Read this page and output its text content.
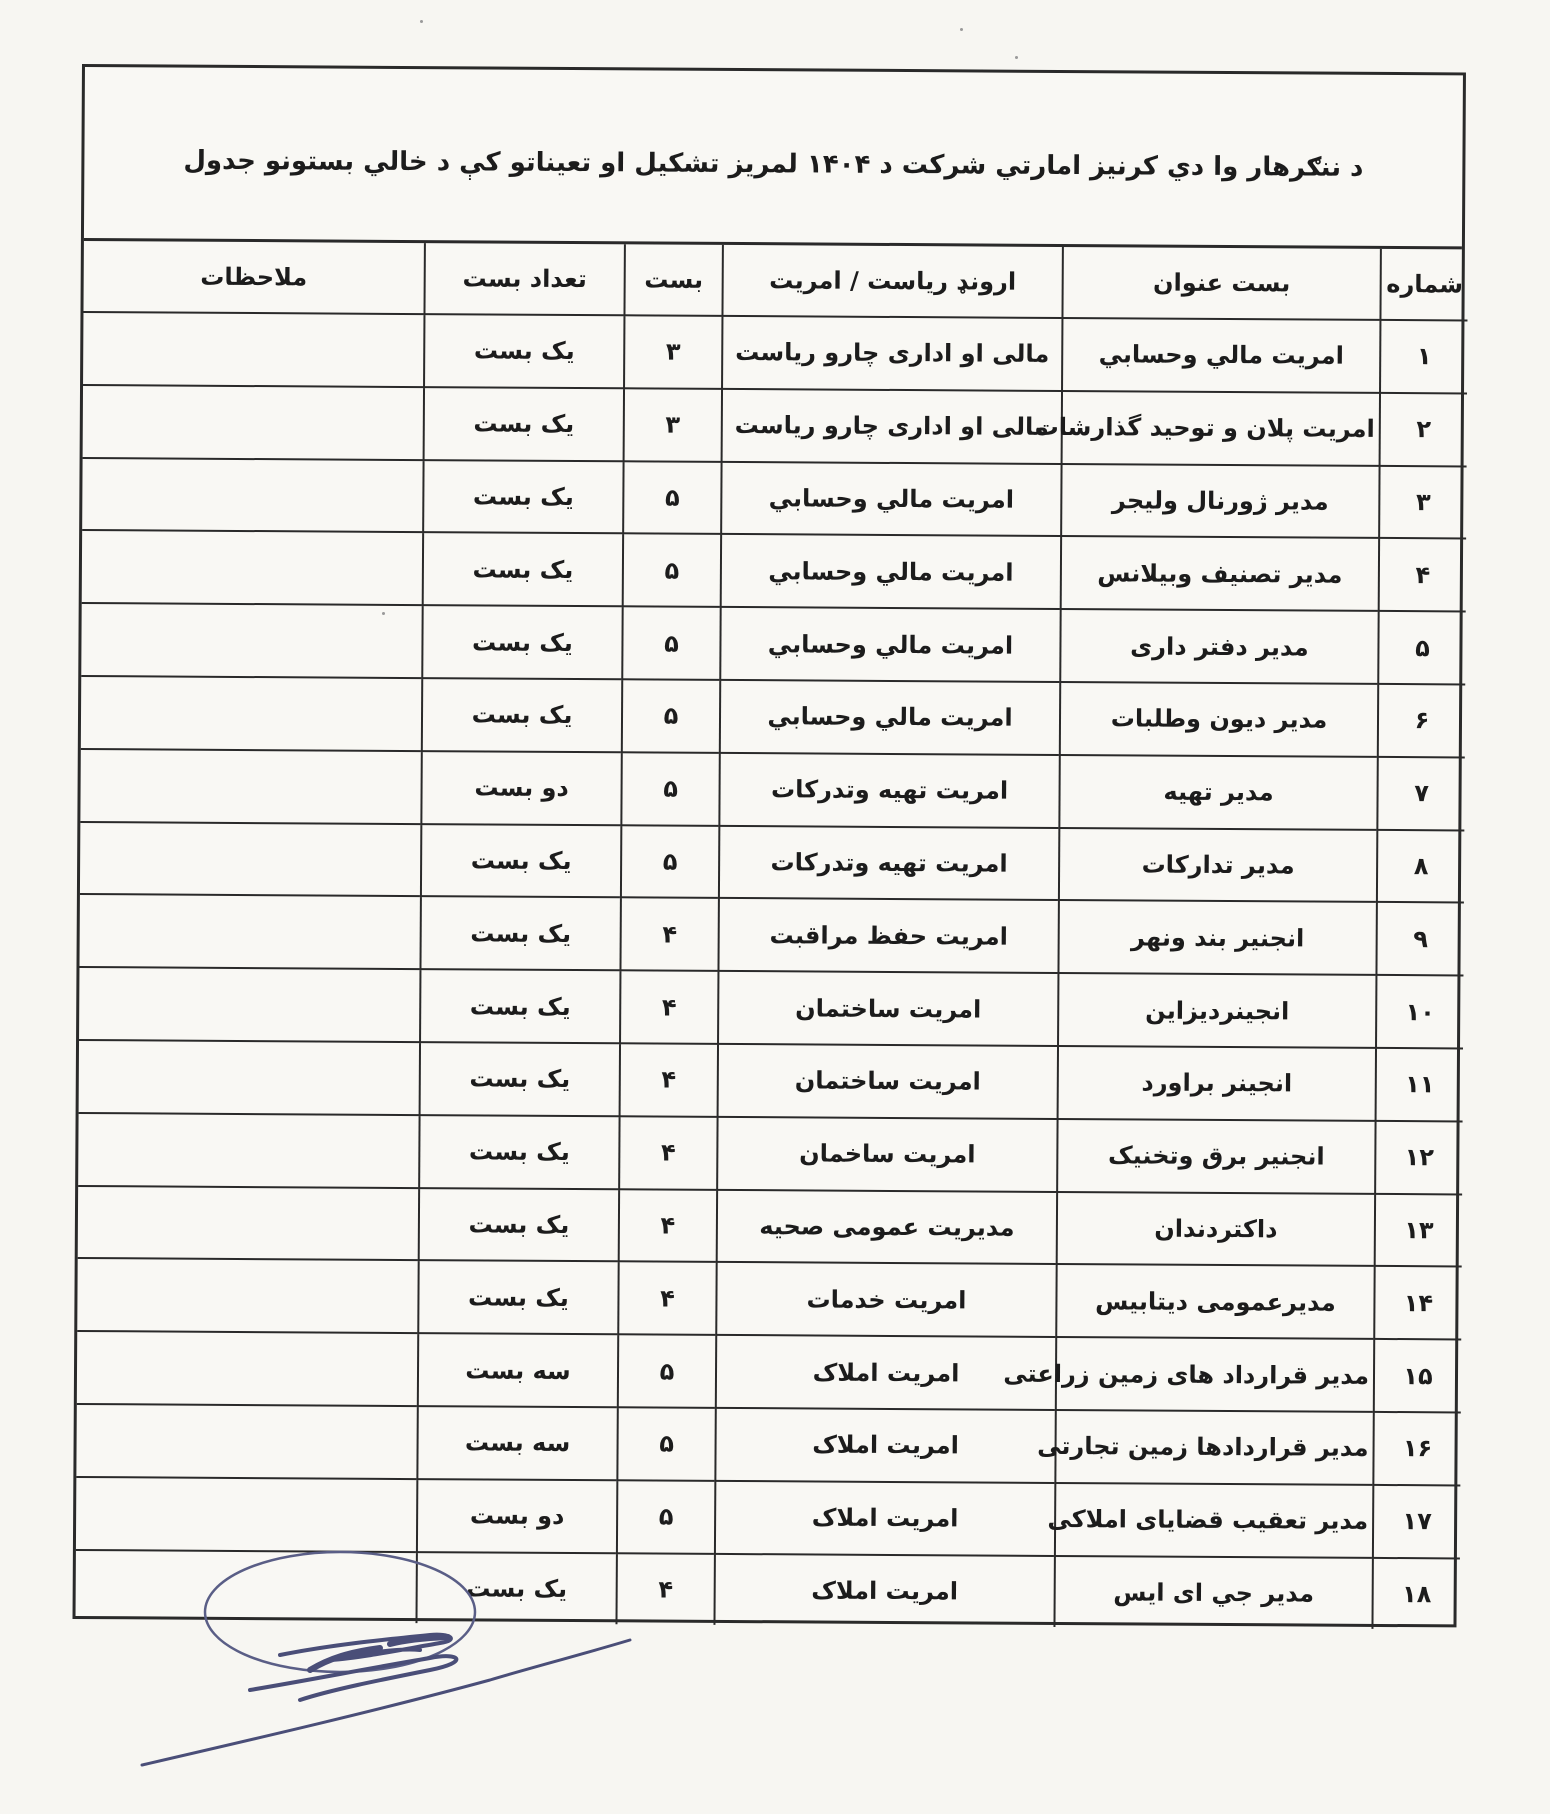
د ننګرهار وا دي کرنیز امارتي شرکت د ۱۴۰۴ لمریز تشکیل او تعیناتو کې د خالي بستونو جدول
شماره	بست عنوان	ارونډ ریاست / امریت	بست	تعداد بست	ملاحظات
۱	امريت مالي وحسابي	مالی او اداری چارو ریاست	۳	یک بست	
۲	امریت پلان و توحید گذارشات	مالی او اداری چارو ریاست	۳	یک بست	
۳	مدیر ژورنال ولیجر	امريت مالي وحسابي	۵	یک بست	
۴	مدیر تصنیف وبیلانس	امريت مالي وحسابي	۵	یک بست	
۵	مدیر دفتر داری	امريت مالي وحسابي	۵	یک بست	
۶	مدیر دیون وطلبات	امريت مالي وحسابي	۵	یک بست	
۷	مدیر تهیه	امریت تهیه وتدرکات	۵	دو بست	
۸	مدیر تدارکات	امریت تهیه وتدرکات	۵	یک بست	
۹	انجنیر بند ونهر	امریت حفظ مراقبت	۴	یک بست	
۱۰	انجینردیزاین	امریت ساختمان	۴	یک بست	
۱۱	انجینر براورد	امریت ساختمان	۴	یک بست	
۱۲	انجنیر برق وتخنیک	امریت ساخمان	۴	یک بست	
۱۳	داکتردندان	مدیریت عمومی صحیه	۴	یک بست	
۱۴	مدیرعمومی دیتابیس	امریت خدمات	۴	یک بست	
۱۵	مدیر قرارداد های زمین زراعتی	امریت املاک	۵	سه بست	
۱۶	مدیر قراردادها زمین تجارتی	امریت املاک	۵	سه بست	
۱۷	مدیر تعقیب قضایای املاکی	امریت املاک	۵	دو بست	
۱۸	مدیر جي ای ایس	امریت املاک	۴	یک بست	
